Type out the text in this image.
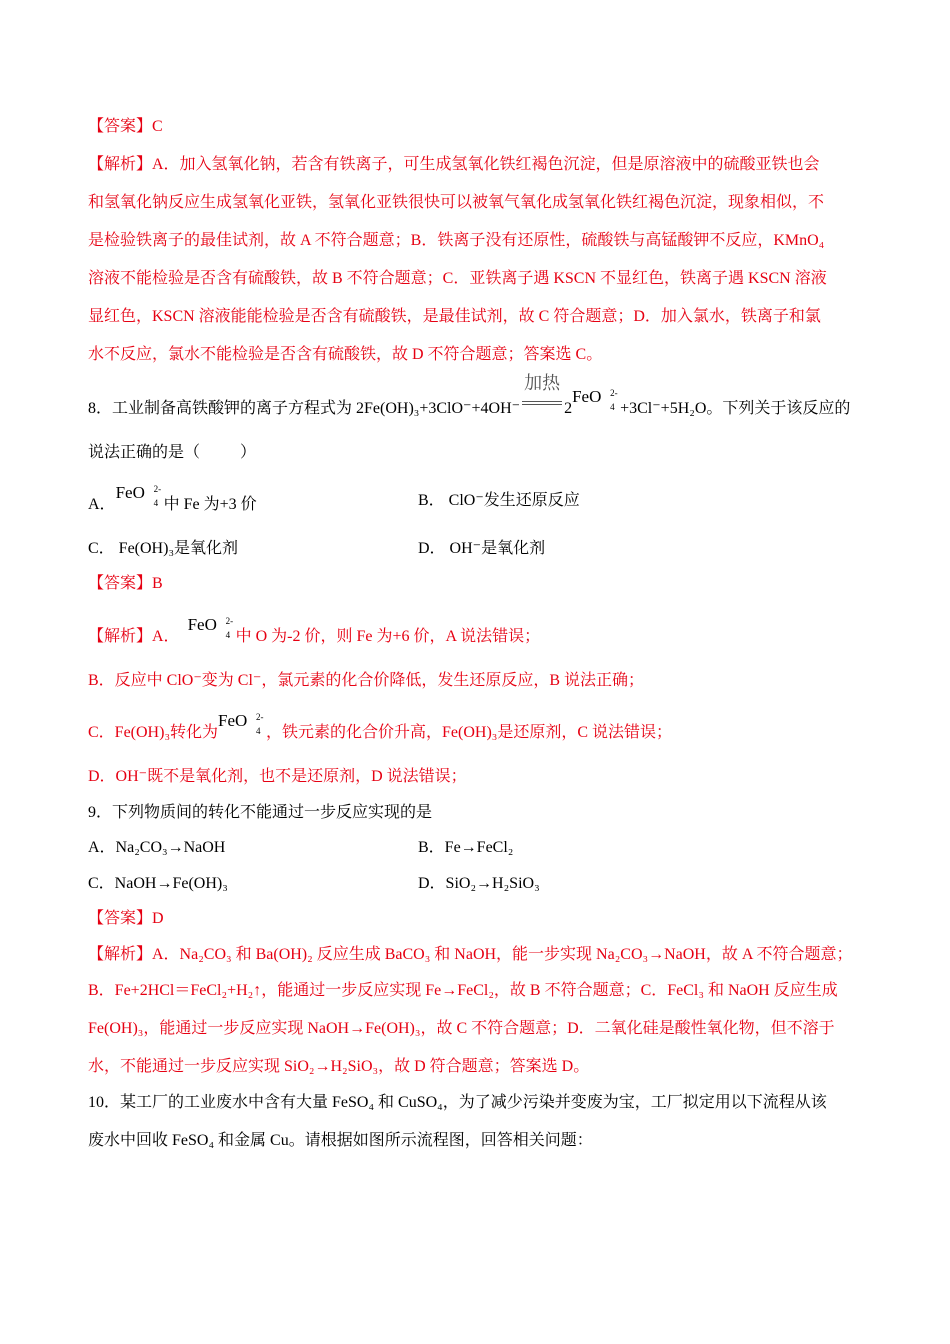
【答案】C
【解析】A．加入氢氧化钠，若含有铁离子，可生成氢氧化铁红褐色沉淀，但是原溶液中的硫酸亚铁也会
和氢氧化钠反应生成氢氧化亚铁，氢氧化亚铁很快可以被氧气氧化成氢氧化铁红褐色沉淀，现象相似，不
是检验铁离子的最佳试剂，故 A 不符合题意；B．铁离子没有还原性，硫酸铁与高锰酸钾不反应，KMnO₄
溶液不能检验是否含有硫酸铁，故 B 不符合题意；C．亚铁离子遇 KSCN 不显红色，铁离子遇 KSCN 溶液
显红色，KSCN 溶液能能检验是否含有硫酸铁，是最佳试剂，故 C 符合题意；D．加入氯水，铁离子和氯
水不反应，氯水不能检验是否含有硫酸铁，故 D 不符合题意；答案选 C。
8．工业制备高铁酸钾的离子方程式为 2Fe(OH)₃+3ClO⁻+4OH⁻
加热
2
FeO 2-
4 +3Cl⁻+5H₂O。下列关于该反应的
说法正确的是（	）
A．
FeO 2-
4 中 Fe 为+3 价	B． ClO⁻发生还原反应
C． Fe(OH)₃是氧化剂	D． OH⁻是氧化剂
【答案】B
【解析】A．
FeO 2-
4 中 O 为-2 价，则 Fe 为+6 价，A 说法错误；
B．反应中 ClO⁻变为 Cl⁻，氯元素的化合价降低，发生还原反应，B 说法正确；
C．Fe(OH)₃转化为
FeO 2-
4 ，铁元素的化合价升高，Fe(OH)₃是还原剂，C 说法错误；
D．OH⁻既不是氧化剂，也不是还原剂，D 说法错误；
9．下列物质间的转化不能通过一步反应实现的是
A．Na₂CO₃→NaOH	B．Fe→FeCl₂
C．NaOH→Fe(OH)₃	D．SiO₂→H₂SiO₃
【答案】D
【解析】A．Na₂CO₃ 和 Ba(OH)₂ 反应生成 BaCO₃ 和 NaOH，能一步实现 Na₂CO₃→NaOH，故 A 不符合题意；
B．Fe+2HCl＝FeCl₂+H₂↑，能通过一步反应实现 Fe→FeCl₂，故 B 不符合题意；C．FeCl₃ 和 NaOH 反应生成
Fe(OH)₃，能通过一步反应实现 NaOH→Fe(OH)₃，故 C 不符合题意；D．二氧化硅是酸性氧化物，但不溶于
水，不能通过一步反应实现 SiO₂→H₂SiO₃，故 D 符合题意；答案选 D。
10．某工厂的工业废水中含有大量 FeSO₄ 和 CuSO₄，为了减少污染并变废为宝，工厂拟定用以下流程从该
废水中回收 FeSO₄ 和金属 Cu。请根据如图所示流程图，回答相关问题：
